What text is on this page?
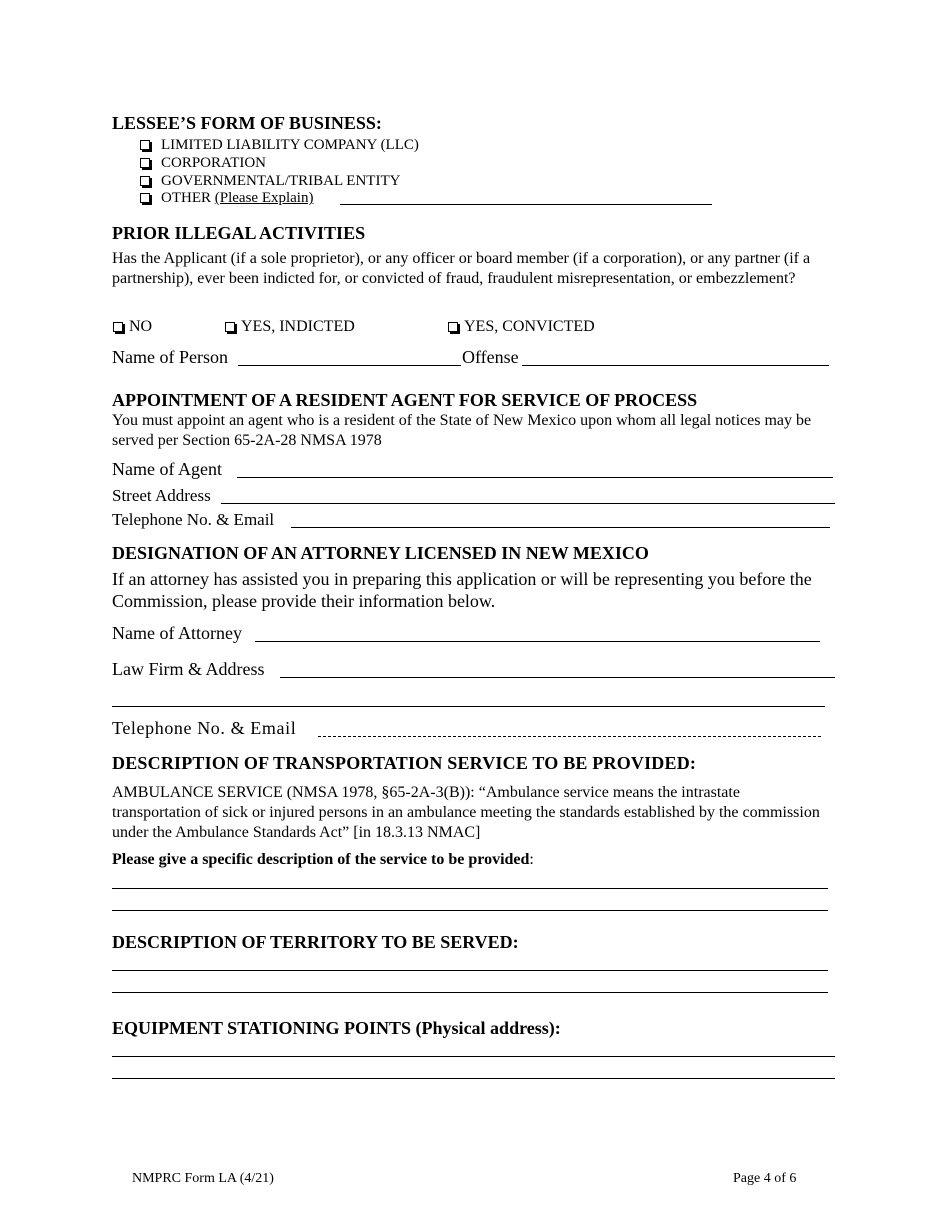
LESSEE’S FORM OF BUSINESS:
LIMITED LIABILITY COMPANY (LLC)
CORPORATION
GOVERNMENTAL/TRIBAL ENTITY
OTHER (Please Explain)
PRIOR ILLEGAL ACTIVITIES
Has the Applicant (if a sole proprietor), or any officer or board member (if a corporation), or any partner (if a partnership), ever been indicted for, or convicted of fraud, fraudulent misrepresentation, or embezzlement?
NO	YES, INDICTED	YES, CONVICTED
Name of Person	Offense
APPOINTMENT OF A RESIDENT AGENT FOR SERVICE OF PROCESS
You must appoint an agent who is a resident of the State of New Mexico upon whom all legal notices may be served per Section 65-2A-28 NMSA 1978
Name of Agent
Street Address
Telephone No. & Email
DESIGNATION OF AN ATTORNEY LICENSED IN NEW MEXICO
If an attorney has assisted you in preparing this application or will be representing you before the Commission, please provide their information below.
Name of Attorney
Law Firm & Address
Telephone No. & Email
DESCRIPTION OF TRANSPORTATION SERVICE TO BE PROVIDED:
AMBULANCE SERVICE (NMSA 1978, §65-2A-3(B)): “Ambulance service means the intrastate transportation of sick or injured persons in an ambulance meeting the standards established by the commission under the Ambulance Standards Act” [in 18.3.13 NMAC]
Please give a specific description of the service to be provided:
DESCRIPTION OF TERRITORY TO BE SERVED:
EQUIPMENT STATIONING POINTS (Physical address):
NMPRC Form LA (4/21)	Page 4 of 6
